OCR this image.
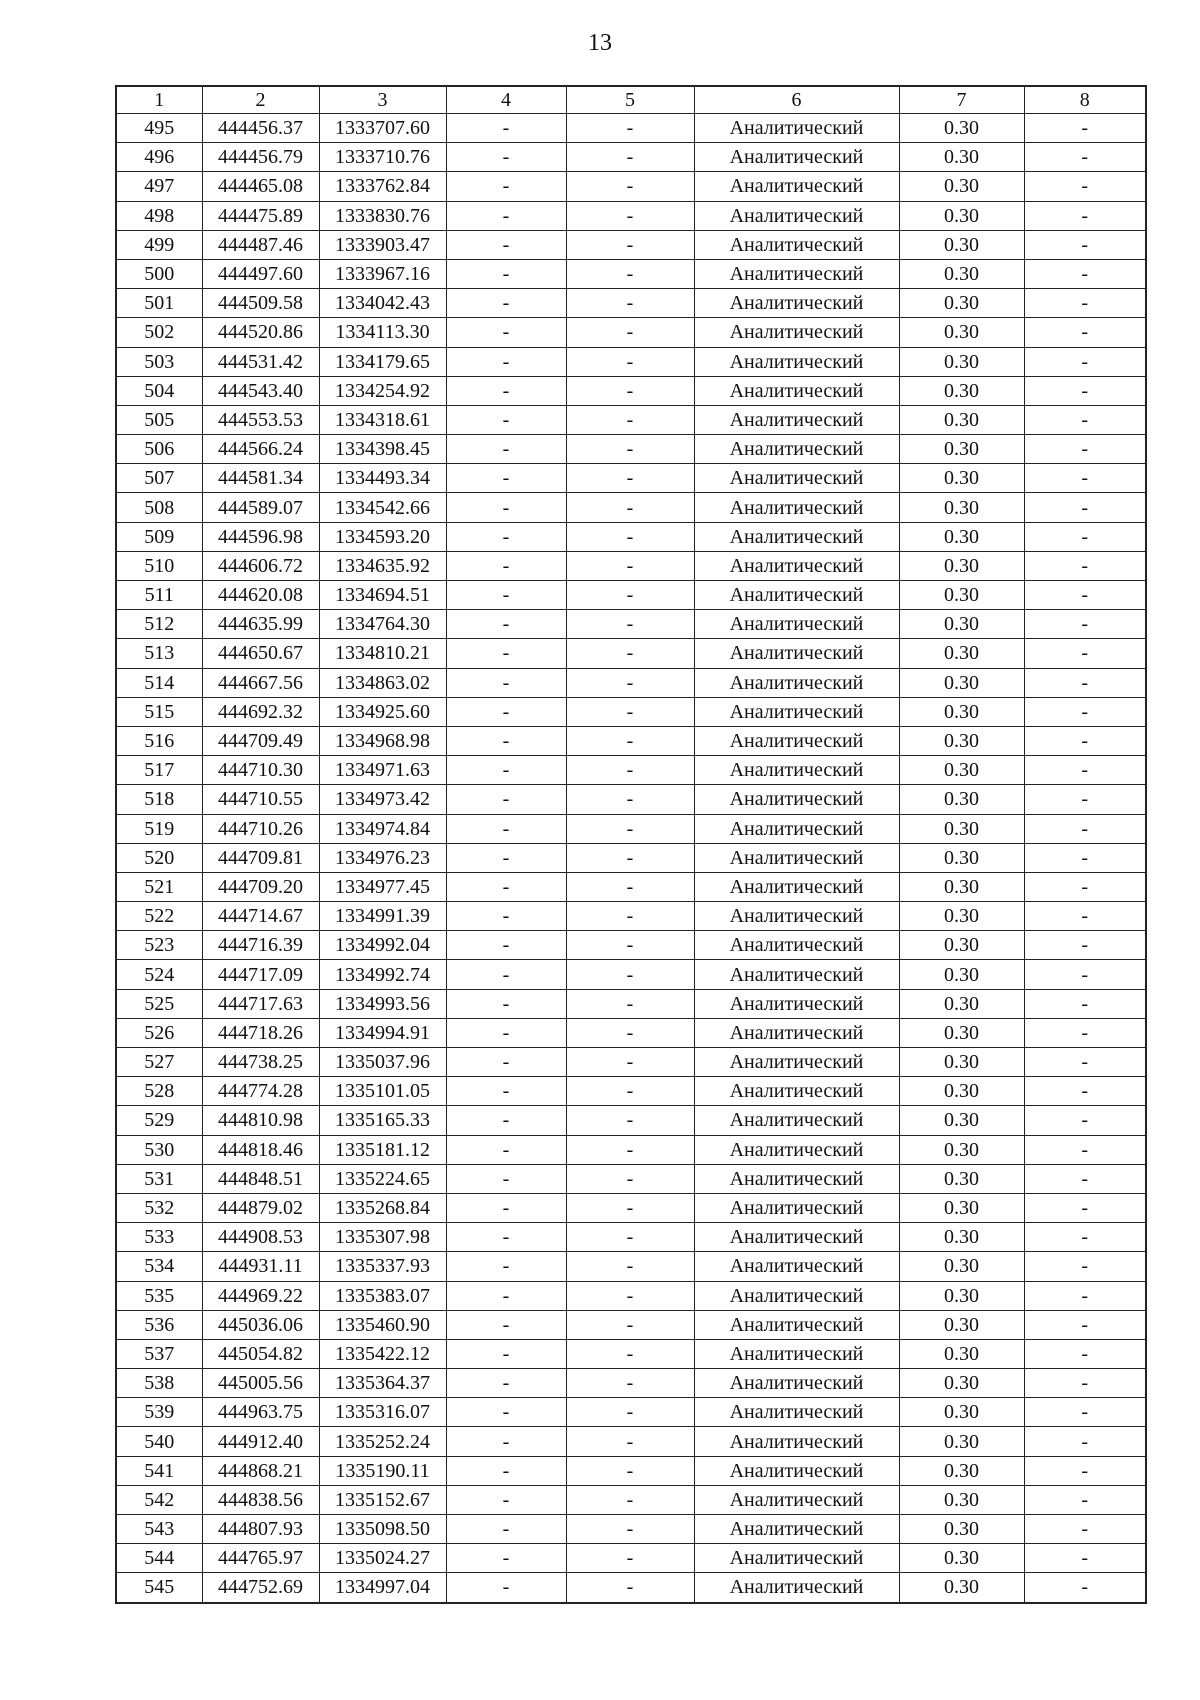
13
1	2	3	4	5	6	7	8
495	444456.37	1333707.60	-	-	Аналитический	0.30	-
496	444456.79	1333710.76	-	-	Аналитический	0.30	-
497	444465.08	1333762.84	-	-	Аналитический	0.30	-
498	444475.89	1333830.76	-	-	Аналитический	0.30	-
499	444487.46	1333903.47	-	-	Аналитический	0.30	-
500	444497.60	1333967.16	-	-	Аналитический	0.30	-
501	444509.58	1334042.43	-	-	Аналитический	0.30	-
502	444520.86	1334113.30	-	-	Аналитический	0.30	-
503	444531.42	1334179.65	-	-	Аналитический	0.30	-
504	444543.40	1334254.92	-	-	Аналитический	0.30	-
505	444553.53	1334318.61	-	-	Аналитический	0.30	-
506	444566.24	1334398.45	-	-	Аналитический	0.30	-
507	444581.34	1334493.34	-	-	Аналитический	0.30	-
508	444589.07	1334542.66	-	-	Аналитический	0.30	-
509	444596.98	1334593.20	-	-	Аналитический	0.30	-
510	444606.72	1334635.92	-	-	Аналитический	0.30	-
511	444620.08	1334694.51	-	-	Аналитический	0.30	-
512	444635.99	1334764.30	-	-	Аналитический	0.30	-
513	444650.67	1334810.21	-	-	Аналитический	0.30	-
514	444667.56	1334863.02	-	-	Аналитический	0.30	-
515	444692.32	1334925.60	-	-	Аналитический	0.30	-
516	444709.49	1334968.98	-	-	Аналитический	0.30	-
517	444710.30	1334971.63	-	-	Аналитический	0.30	-
518	444710.55	1334973.42	-	-	Аналитический	0.30	-
519	444710.26	1334974.84	-	-	Аналитический	0.30	-
520	444709.81	1334976.23	-	-	Аналитический	0.30	-
521	444709.20	1334977.45	-	-	Аналитический	0.30	-
522	444714.67	1334991.39	-	-	Аналитический	0.30	-
523	444716.39	1334992.04	-	-	Аналитический	0.30	-
524	444717.09	1334992.74	-	-	Аналитический	0.30	-
525	444717.63	1334993.56	-	-	Аналитический	0.30	-
526	444718.26	1334994.91	-	-	Аналитический	0.30	-
527	444738.25	1335037.96	-	-	Аналитический	0.30	-
528	444774.28	1335101.05	-	-	Аналитический	0.30	-
529	444810.98	1335165.33	-	-	Аналитический	0.30	-
530	444818.46	1335181.12	-	-	Аналитический	0.30	-
531	444848.51	1335224.65	-	-	Аналитический	0.30	-
532	444879.02	1335268.84	-	-	Аналитический	0.30	-
533	444908.53	1335307.98	-	-	Аналитический	0.30	-
534	444931.11	1335337.93	-	-	Аналитический	0.30	-
535	444969.22	1335383.07	-	-	Аналитический	0.30	-
536	445036.06	1335460.90	-	-	Аналитический	0.30	-
537	445054.82	1335422.12	-	-	Аналитический	0.30	-
538	445005.56	1335364.37	-	-	Аналитический	0.30	-
539	444963.75	1335316.07	-	-	Аналитический	0.30	-
540	444912.40	1335252.24	-	-	Аналитический	0.30	-
541	444868.21	1335190.11	-	-	Аналитический	0.30	-
542	444838.56	1335152.67	-	-	Аналитический	0.30	-
543	444807.93	1335098.50	-	-	Аналитический	0.30	-
544	444765.97	1335024.27	-	-	Аналитический	0.30	-
545	444752.69	1334997.04	-	-	Аналитический	0.30	-
